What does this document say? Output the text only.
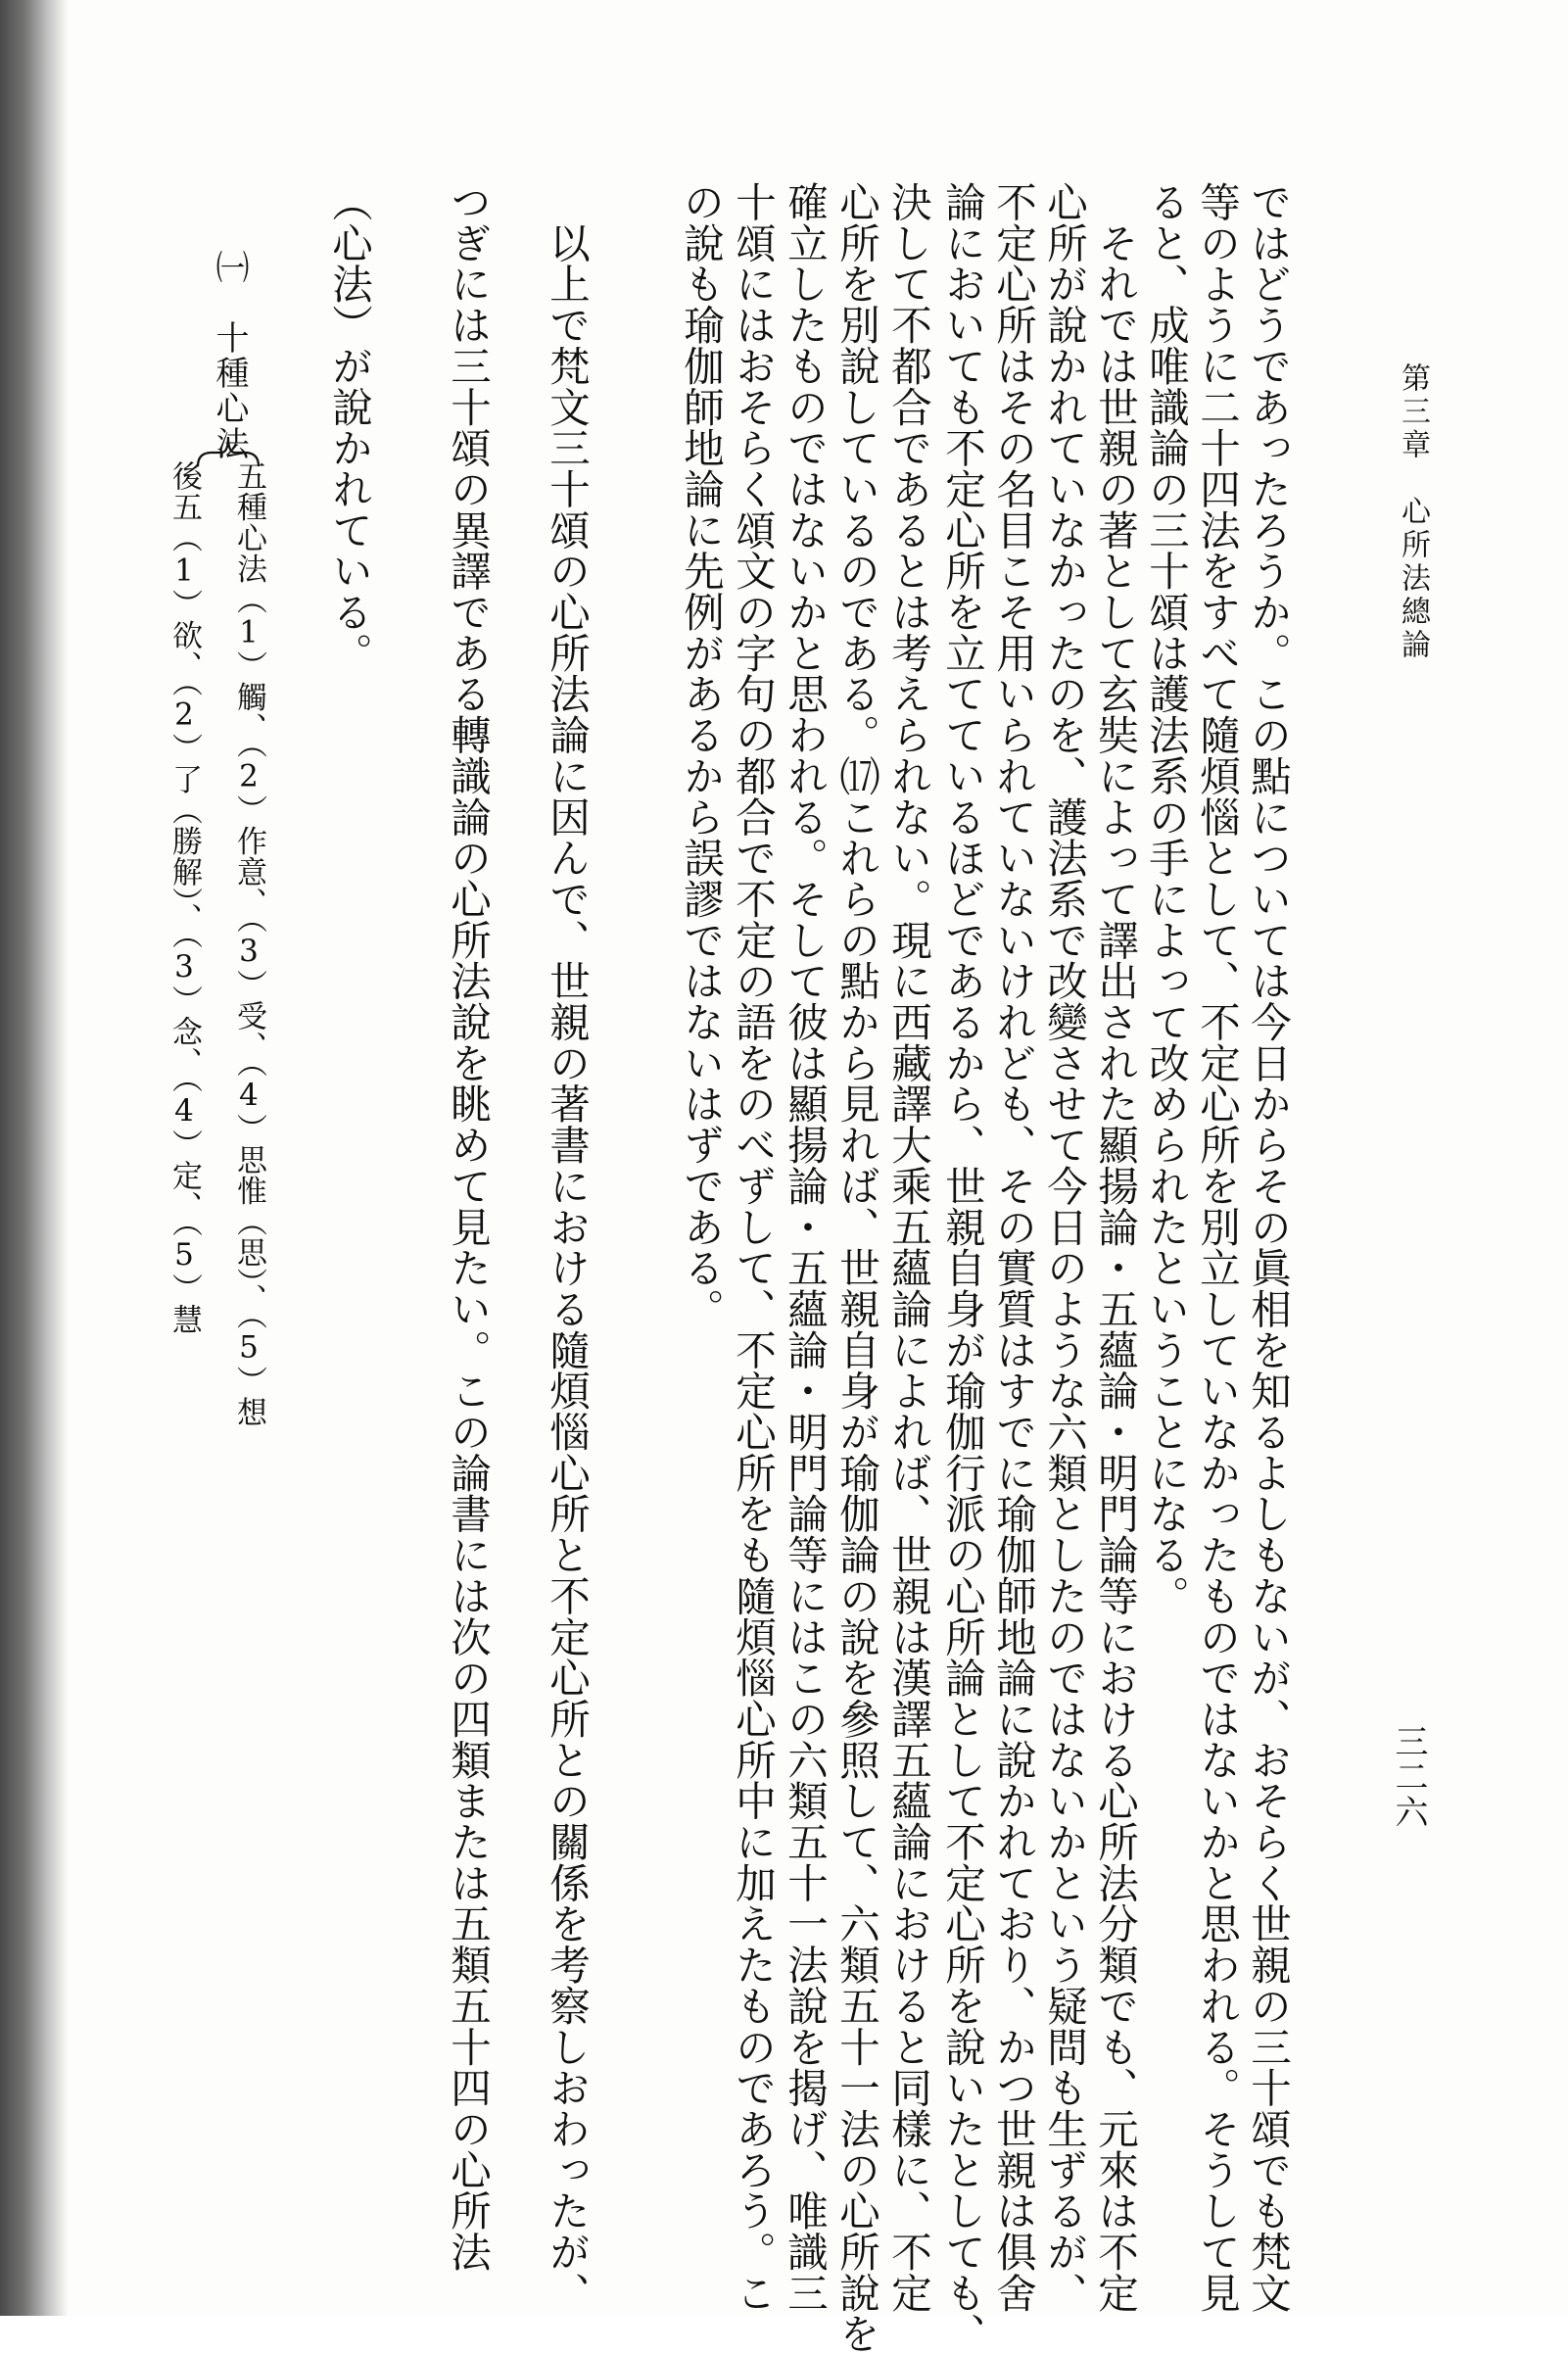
第三章　心所法總論
三二六
ではどうであったろうか。この點については今日からその眞相を知るよしもないが、おそらく世親の三十頌でも梵文
等のように二十四法をすべて隨煩惱として、不定心所を別立していなかったものではないかと思われる。そうして見
ると、成唯識論の三十頌は護法系の手によって改められたということになる。
　それでは世親の著として玄奘によって譯出された顯揚論・五蘊論・明門論等における心所法分類でも、元來は不定
心所が說かれていなかったのを、護法系で改變させて今日のような六類としたのではないかという疑問も生ずるが、
不定心所はその名目こそ用いられていないけれども、その實質はすでに瑜伽師地論に說かれており、かつ世親は俱舍
論においても不定心所を立てているほどであるから、世親自身が瑜伽行派の心所論として不定心所を說いたとしても、
決して不都合であるとは考えられない。現に西藏譯大乘五蘊論によれば、世親は漢譯五蘊論におけると同樣に、不定
心所を別說しているのである。⒄これらの點から見れば、世親自身が瑜伽論の說を參照して、六類五十一法の心所說を
確立したものではないかと思われる。そして彼は顯揚論・五蘊論・明門論等にはこの六類五十一法說を揭げ、唯識三
十頌にはおそらく頌文の字句の都合で不定の語をのべずして、不定心所をも隨煩惱心所中に加えたものであろう。こ
の說も瑜伽師地論に先例があるから誤謬ではないはずである。
　以上で梵文三十頌の心所法論に因んで、世親の著書における隨煩惱心所と不定心所との關係を考察しおわったが、
つぎには三十頌の異譯である轉識論の心所法說を眺めて見たい。この論書には次の四類または五類五十四の心所法
（心法）が說かれている。
㈠　十種心法
五種心法（1）觸、（2）作意、（3）受、（4）思惟（思）、（5）想
後五（1）欲、（2）了（勝解）、（3）念、（4）定、（5）慧
